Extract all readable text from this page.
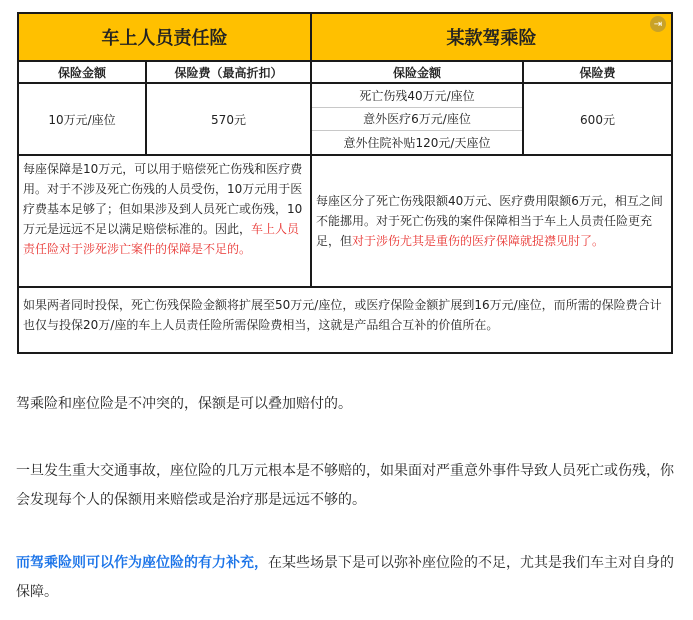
车上人员责任险	某款驾乘险
保险金额	保险费（最高折扣）	保险金额	保险费
10万元/座位	570元
死亡伤残40万元/座位
意外医疗6万元/座位
意外住院补贴120元/天座位
600元
每座保障是10万元，可以用于赔偿死亡伤残和医疗费用。对于不涉及死亡伤残的人员受伤，10万元用于医疗费基本足够了；但如果涉及到人员死亡或伤残，10万元是远远不足以满足赔偿标准的。因此，车上人员责任险对于涉死涉亡案件的保障是不足的。
每座区分了死亡伤残限额40万元、医疗费用限额6万元，相互之间不能挪用。对于死亡伤残的案件保障相当于车上人员责任险更充足，但对于涉伤尤其是重伤的医疗保障就捉襟见肘了。
如果两者同时投保，死亡伤残保险金额将扩展至50万元/座位，或医疗保险金额扩展到16万元/座位，而所需的保险费合计也仅与投保20万/座的车上人员责任险所需保险费相当，这就是产品组合互补的价值所在。
⇥
驾乘险和座位险是不冲突的，保额是可以叠加赔付的。
一旦发生重大交通事故，座位险的几万元根本是不够赔的，如果面对严重意外事件导致人员死亡或伤残，你会发现每个人的保额用来赔偿或是治疗那是远远不够的。
而驾乘险则可以作为座位险的有力补充，在某些场景下是可以弥补座位险的不足，尤其是我们车主对自身的保障。
